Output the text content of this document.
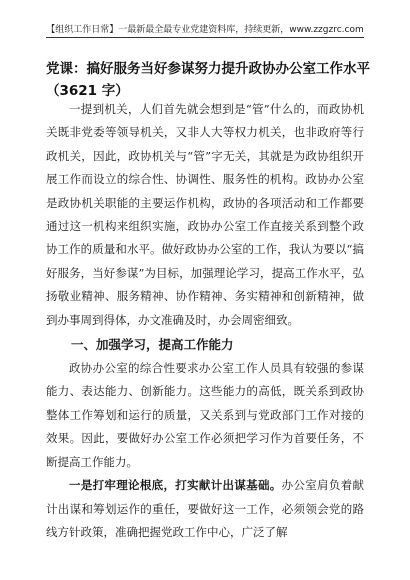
【组织工作日常】一最新最全最专业党建资料库，持续更新，www.zzgzrc.com
党课：搞好服务当好参谋努力提升政协办公室工作水平
（3621 字）

一提到机关，人们首先就会想到是“管”什么的，而政协机关既非党委等领导机关，又非人大等权力机关，也非政府等行政机关，因此，政协机关与“管”字无关，其就是为政协组织开展工作而设立的综合性、协调性、服务性的机构。政协办公室是政协机关职能的主要运作机构，政协的各项活动和工作都要通过这一机构来组织实施，政协办公室工作直接关系到整个政协工作的质量和水平。做好政协办公室的工作，我认为要以“搞好服务，当好参谋”为目标，加强理论学习，提高工作水平，弘扬敬业精神、服务精神、协作精神、务实精神和创新精神，做到办事周到得体，办文准确及时，办会周密细致。

一、加强学习，提高工作能力

政协办公室的综合性要求办公室工作人员具有较强的参谋能力、表达能力、创新能力。这些能力的高低，既关系到政协整体工作筹划和运行的质量，又关系到与党政部门工作对接的效果。因此，要做好办公室工作必须把学习作为首要任务，不断提高工作能力。

一是打牢理论根底，打实献计出谋基础。办公室肩负着献计出谋和筹划运作的重任，要做好这一工作，必须领会党的路线方针政策，准确把握党政工作中心，广泛了解
